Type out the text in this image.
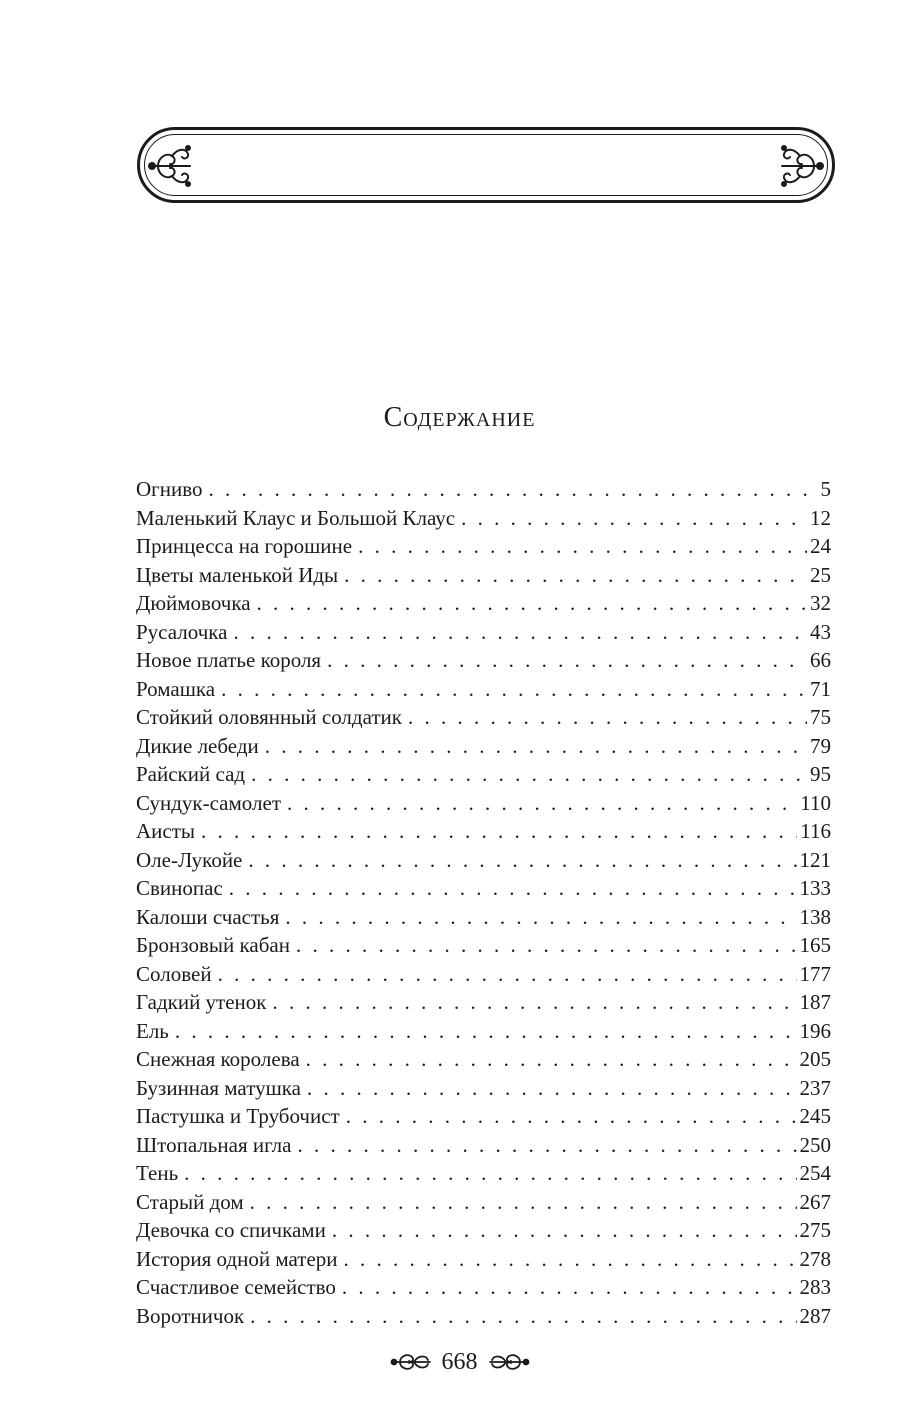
Содержание
Огниво . . .	5
Маленький Клаус и Большой Клаус . . .	12
Принцесса на горошине . . .	24
Цветы маленькой Иды . . .	25
Дюймовочка . . .	32
Русалочка . . .	43
Новое платье короля . . .	66
Ромашка . . .	71
Стойкий оловянный солдатик . . .	75
Дикие лебеди . . .	79
Райский сад . . .	95
Сундук-самолет . . .	110
Аисты . . .	116
Оле-Лукойе . . .	121
Свинопас . . .	133
Калоши счастья . . .	138
Бронзовый кабан . . .	165
Соловей . . .	177
Гадкий утенок . . .	187
Ель . . .	196
Снежная королева . . .	205
Бузинная матушка . . .	237
Пастушка и Трубочист . . .	245
Штопальная игла . . .	250
Тень . . .	254
Старый дом . . .	267
Девочка со спичками . . .	275
История одной матери . . .	278
Счастливое семейство . . .	283
Воротничок . . .	287
668
